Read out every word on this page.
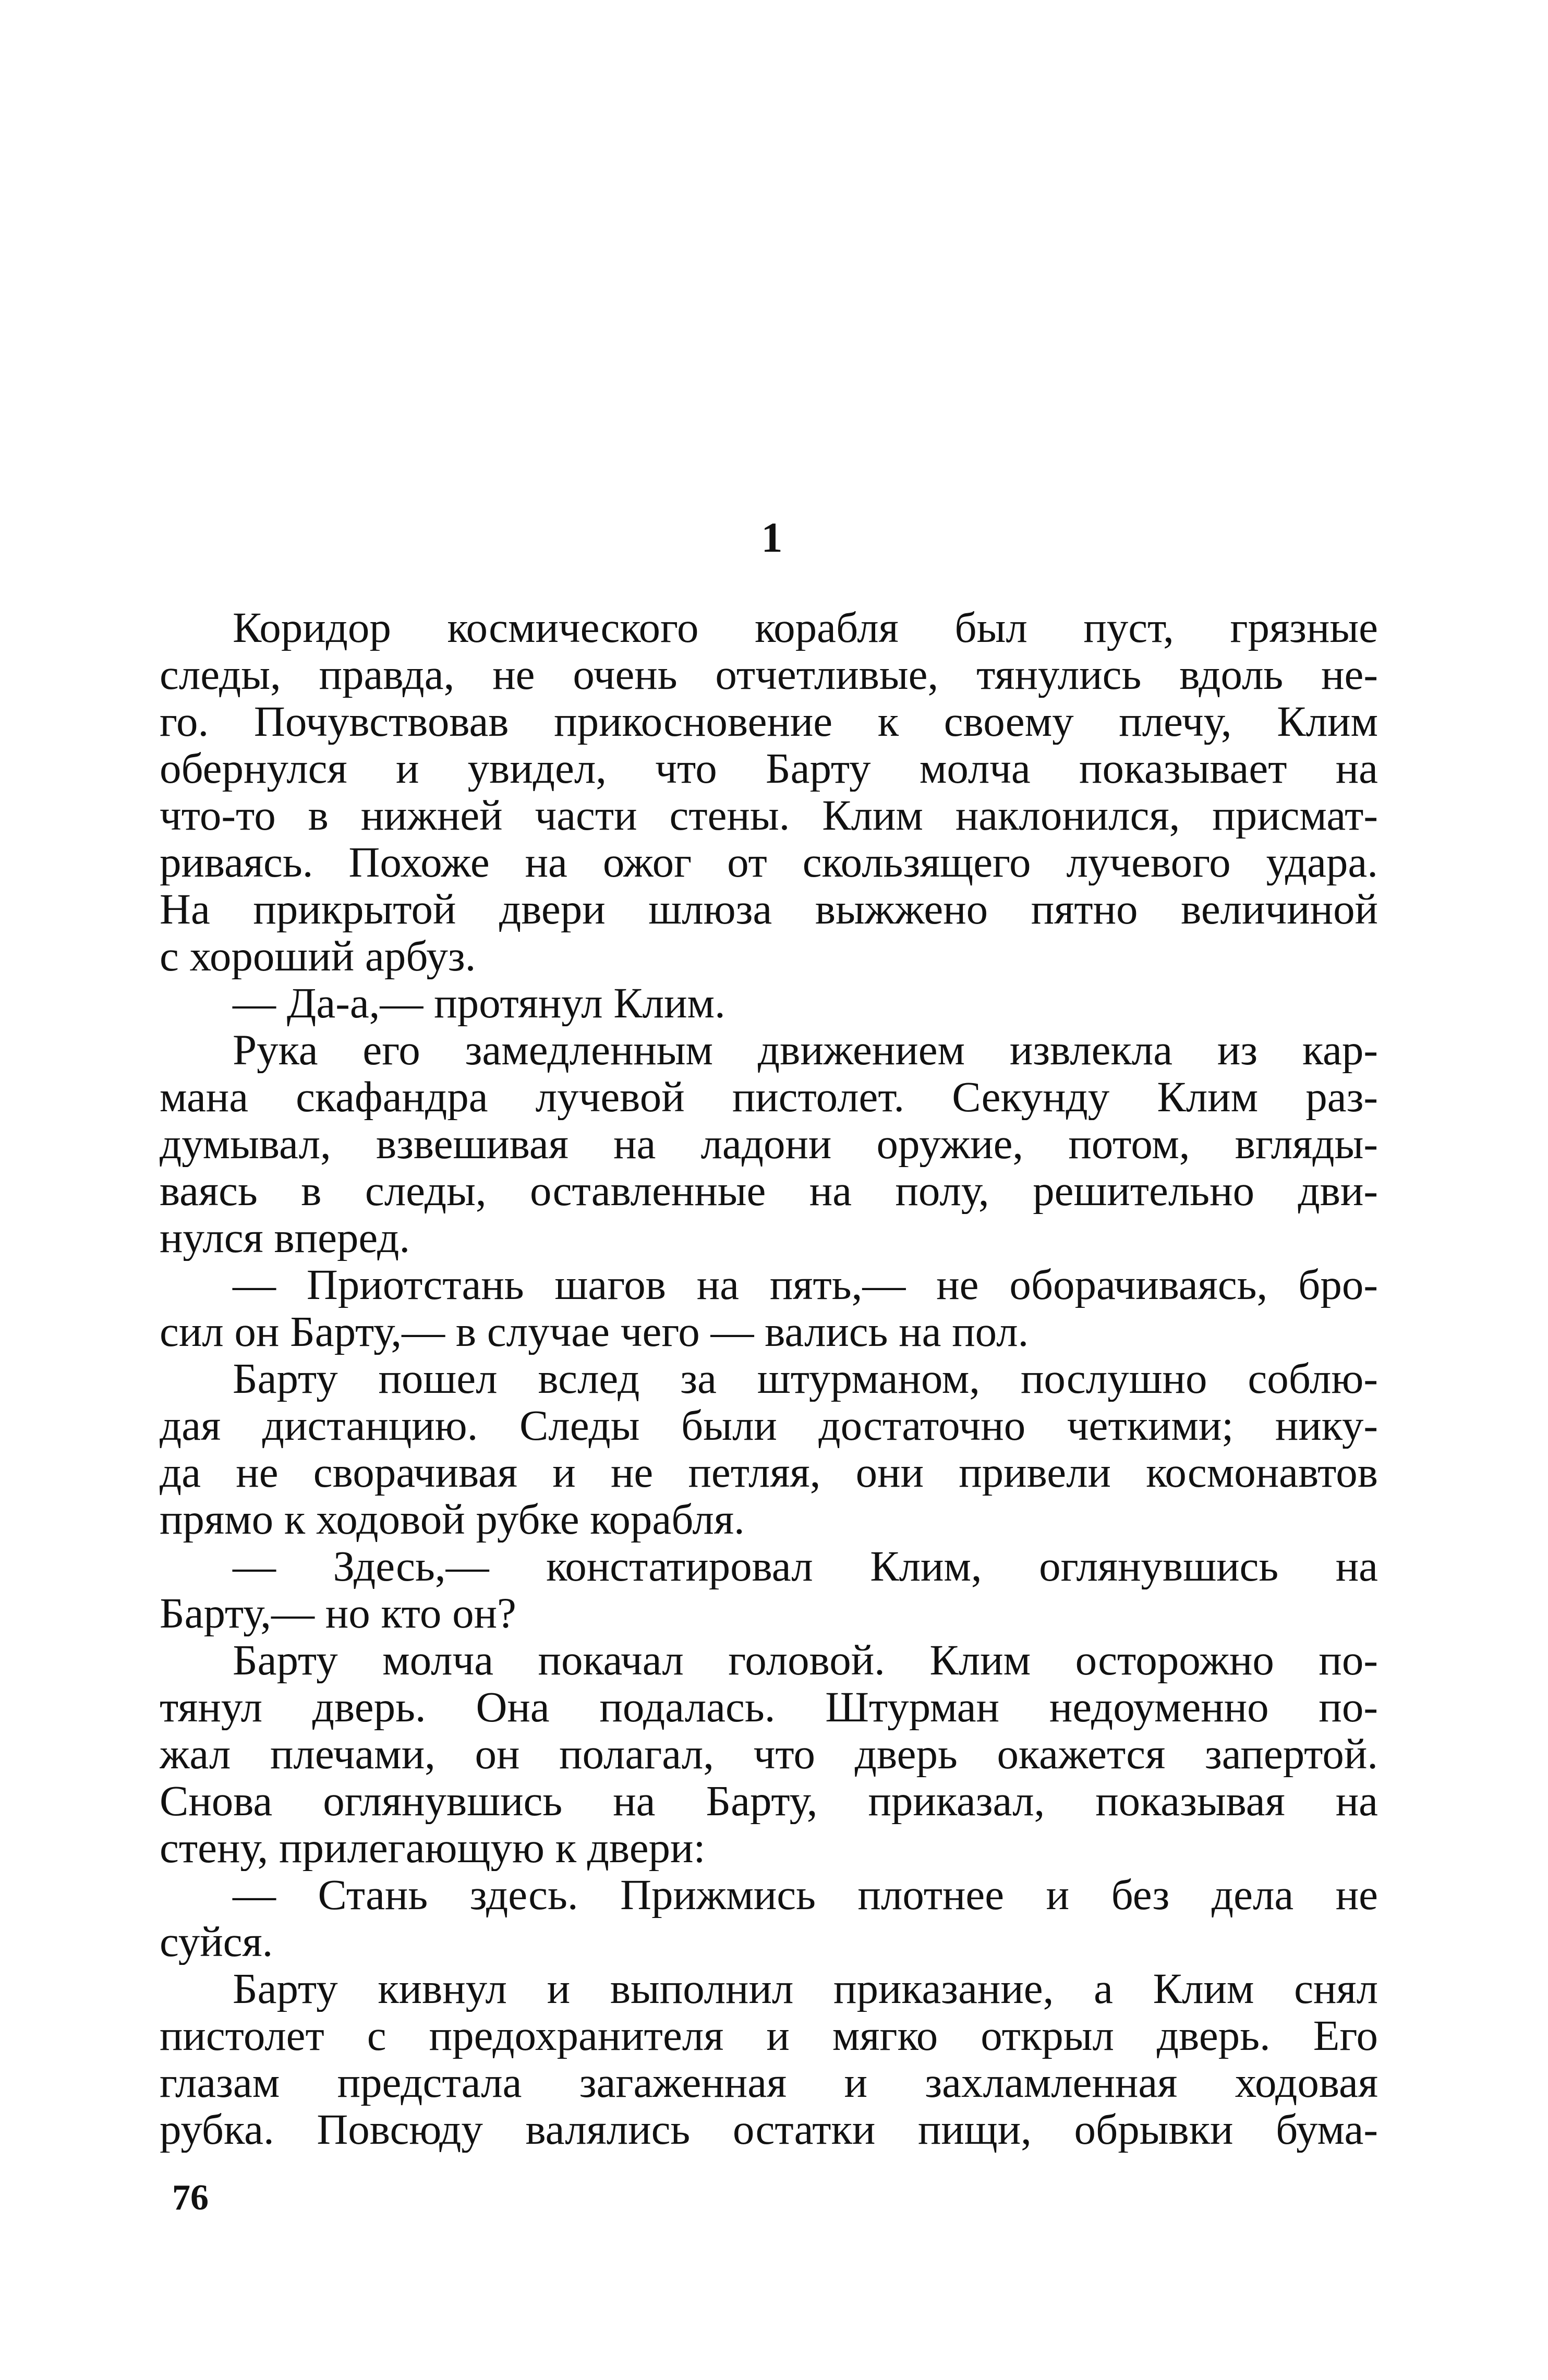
1
Коридор космического корабля был пуст, грязные
следы, правда, не очень отчетливые, тянулись вдоль не-
го. Почувствовав прикосновение к своему плечу, Клим
обернулся и увидел, что Барту молча показывает на
что-то в нижней части стены. Клим наклонился, присмат-
риваясь. Похоже на ожог от скользящего лучевого удара.
На прикрытой двери шлюза выжжено пятно величиной
с хороший арбуз.
— Да-а,— протянул Клим.
Рука его замедленным движением извлекла из кар-
мана скафандра лучевой пистолет. Секунду Клим раз-
думывал, взвешивая на ладони оружие, потом, вгляды-
ваясь в следы, оставленные на полу, решительно дви-
нулся вперед.
— Приотстань шагов на пять,— не оборачиваясь, бро-
сил он Барту,— в случае чего — вались на пол.
Барту пошел вслед за штурманом, послушно соблю-
дая дистанцию. Следы были достаточно четкими; нику-
да не сворачивая и не петляя, они привели космонавтов
прямо к ходовой рубке корабля.
— Здесь,— констатировал Клим, оглянувшись на
Барту,— но кто он?
Барту молча покачал головой. Клим осторожно по-
тянул дверь. Она подалась. Штурман недоуменно по-
жал плечами, он полагал, что дверь окажется запертой.
Снова оглянувшись на Барту, приказал, показывая на
стену, прилегающую к двери:
— Стань здесь. Прижмись плотнее и без дела не
суйся.
Барту кивнул и выполнил приказание, а Клим снял
пистолет с предохранителя и мягко открыл дверь. Его
глазам предстала загаженная и захламленная ходовая
рубка. Повсюду валялись остатки пищи, обрывки бума-
76
